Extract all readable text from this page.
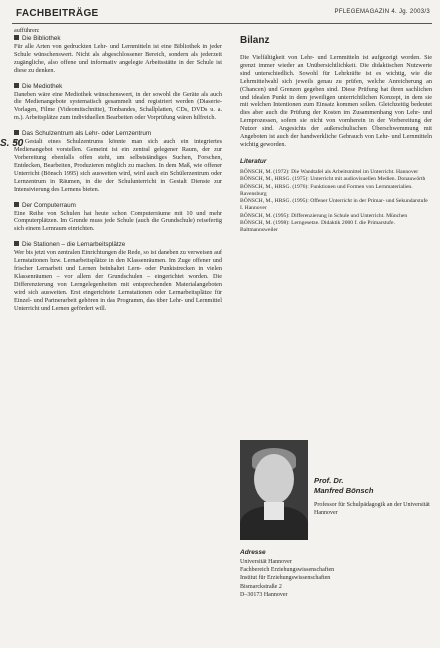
FACHBEITRÄGE	PFLEGEMAGAZIN 4. Jg. 2003/3
S. 50

aufführen:

Die Bibliothek

Für alle Arten von gedruckten Lehr- und Lernmitteln ist eine Bibliothek in jeder Schule wünschenswert. Nicht als abgeschlossener Bereich, sondern als jederzeit zugängliche, also offene und informativ angelegte Arbeitsstätte in der Schule ist diese zu denken.

Die Mediothek

Daneben wäre eine Mediothek wünschenswert, in der sowohl die Geräte als auch die Medienangebote systematisch gesammelt und registriert werden (Diaserie-Vorlagen, Filme (Videomitschnitte), Tonbandes, Schallplatten, CDs, DVDs u. a. m.). Arbeitsplätze zum individuellen Bearbeiten oder Vorprüfung wären hilfreich.

Das Schulzentrum als Lehr- oder Lernzentrum

In Gestalt eines Schulzentrums könnte man sich auch ein integriertes Medienangebot vorstellen. Gemeint ist ein zentral gelegener Raum, der zur Vorbereitung ebenfalls offen steht, um selbstständiges Suchen, Forschen, Entdecken, Bearbeiten, Produzieren möglich zu machen. In dem Maß, wie offener Unterricht (Bönsch 1995) sich ausweiten wird, wird auch ein Schülerzentrum oder Lernzentrum in Räumen, in die der Schulunterricht in Gestalt Dienste zur Intensivierung des Lernens bieten.

Der Computerraum

Eine Reihe von Schulen hat heute schon Computerräume mit 10 und mehr Computerplätzen. Im Grunde muss jede Schule (auch die Grundschule) reisefertig sich einem Lernraum einrichten.

Die Stationen – die Lernarbeitsplätze

Wer bis jetzt von zentralen Einrichtungen die Rede, so ist daneben zu verweisen auf Lernstationen bzw. Lernarbeitsplätze in den Klassenräumen. Im Zuge offener und frischer Lernarbeit und Lernen beinhaltet Lern- oder Punktstrecken in vielen Klassenräumen – vor allem der Grundschulen – eingerichtet worden. Die Differenzierung von Lerngelegenheiten mit entsprechenden Materialangeboten wird sich ausweiten. Erst eingerichtete Lernstationen oder Lernarbeitsplätze für Einzel- und Partnerarbeit gehören in das Programm, das über Lehr- und Lernmittel Unterricht und Lernen gefördert will.

Bilanz

Die Vielfältigkeit von Lehr- und Lernmitteln ist aufgezeigt worden. Sie grenzt immer wieder an Unübersichtlichkeit. Die didaktischen Nutzwerte sind unterschiedlich. Sowohl für Lehrkräfte ist es wichtig, wie die Lehrmittelwahl sich jeweils genau zu prüfen, welche Anreicherung an (Chancen) und Grenzen gegeben sind. Diese Prüfung hat ihren sachlichen und idealen Punkt in dem jeweiligen unterrichtlichen Konzept, in dem sie mit welchen Intentionen zum Einsatz kommen sollen. Gleichzeitig bedeutet dies aber auch die Prüfung der Kosten im Zusammenhang von Lehr- und Lernprozessen, sofern sie nicht von vornherein in der Vorbereitung der Nutzer sind. Angesichts der außerschulischen Überschwemmung mit Angeboten ist auch der handwerkliche Gebrauch von Lehr- und Lernmitteln wichtig geworden.

Literatur

BÖNSCH, M. (1972): Die Wandtafel als Arbeitsmittel im Unterricht. Hannover

BÖNSCH, M., HRSG. (1975): Unterricht mit audiovisuellen Medien. Donauwörth

BÖNSCH, M., HRSG. (1976): Funktionen und Formen von Lernmaterialien. Ravensburg

BÖNSCH, M., HRSG. (1995): Offener Unterricht in der Primar- und Sekundarstufe I. Hannover

BÖNSCH, M. (1995): Differenzierung in Schule und Unterricht. München

BÖNSCH, M. (1998): Lerngesetze. Didaktik 2000 f. die Primarstufe. Baltmannsweiler

Prof. Dr.
Manfred Bönsch
Professor für Schulpädagogik an der Universität Hannover
Adresse

Universität Hannover

Fachbereich Erziehungswissenschaften

Institut für Erziehungswissenschaften

Bismarckstraße 2

D–30173 Hannover
